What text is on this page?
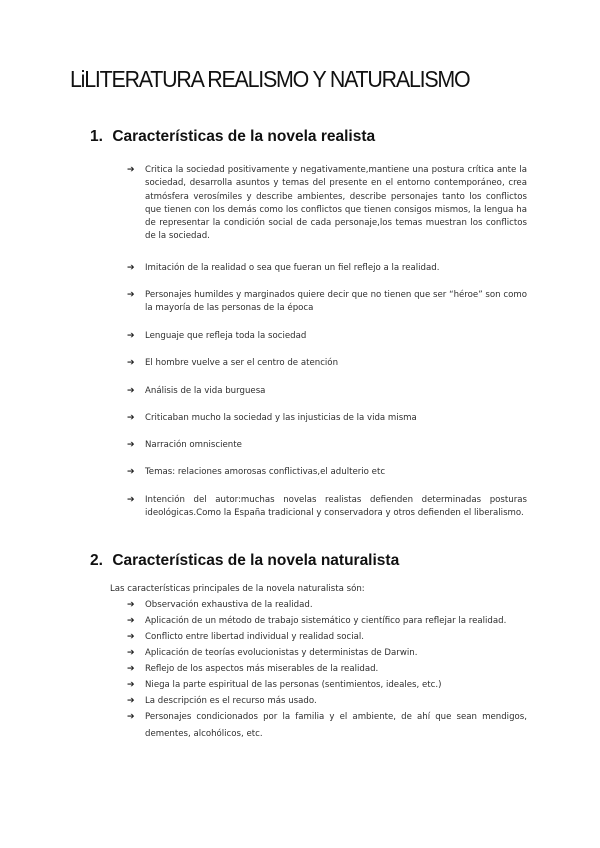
LiLITERATURA REALISMO Y NATURALISMO
1. Características de la novela realista
➔ Critica la sociedad positivamente y negativamente,mantiene una postura crítica ante la sociedad, desarrolla asuntos y temas del presente en el entorno contemporáneo, crea atmósfera verosímiles y describe ambientes, describe personajes tanto los conflictos que tienen con los demás como los conflictos que tienen consigos mismos, la lengua ha de representar la condición social de cada personaje,los temas muestran los conflictos de la sociedad.
➔ Imitación de la realidad o sea que fueran un fiel reflejo a la realidad.
➔ Personajes humildes y marginados quiere decir que no tienen que ser “héroe” son como la mayoría de las personas de la época
➔ Lenguaje que refleja toda la sociedad
➔ El hombre vuelve a ser el centro de atención
➔ Análisis de la vida burguesa
➔ Criticaban mucho la sociedad y las injusticias de la vida misma
➔ Narración omnisciente
➔ Temas: relaciones amorosas conflictivas,el adulterio etc
➔ Intención del autor:muchas novelas realistas defienden determinadas posturas ideológicas.Como la España tradicional y conservadora y otros defienden el liberalismo.
2. Características de la novela naturalista
Las características principales de la novela naturalista són:
➔ Observación exhaustiva de la realidad.
➔ Aplicación de un método de trabajo sistemático y científico para reflejar la realidad.
➔ Conflicto entre libertad individual y realidad social.
➔ Aplicación de teorías evolucionistas y deterministas de Darwin.
➔ Reflejo de los aspectos más miserables de la realidad.
➔ Niega la parte espiritual de las personas (sentimientos, ideales, etc.)
➔ La descripción es el recurso más usado.
➔ Personajes condicionados por la familia y el ambiente, de ahí que sean mendigos, dementes, alcohólicos, etc.
